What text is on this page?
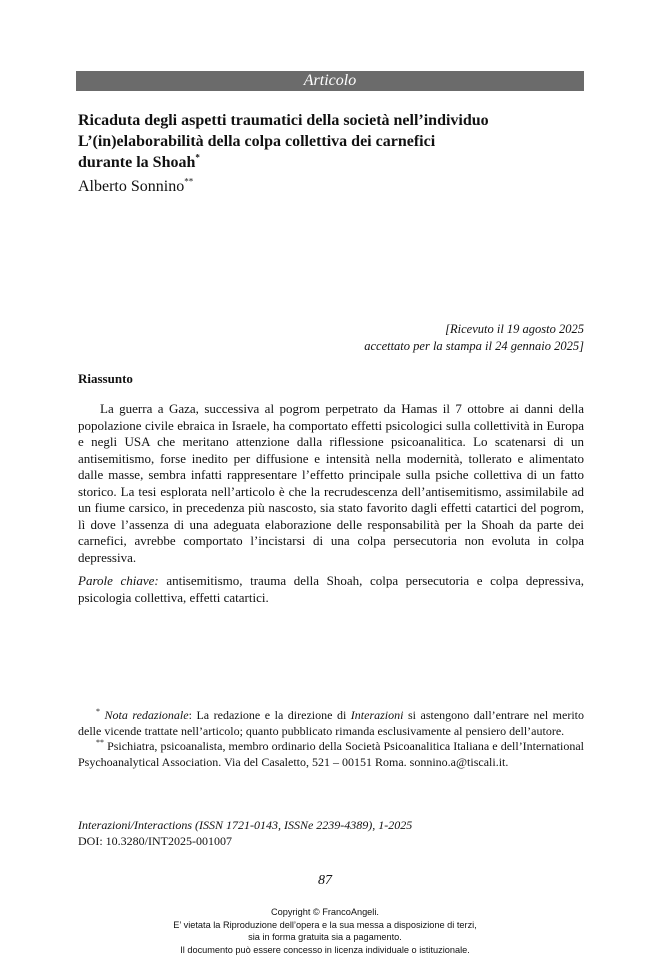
Articolo
Ricaduta degli aspetti traumatici della società nell’individuo
L’(in)elaborabilità della colpa collettiva dei carnefici
durante la Shoah*
Alberto Sonnino**
[Ricevuto il 19 agosto 2025
accettato per la stampa il 24 gennaio 2025]
Riassunto

La guerra a Gaza, successiva al pogrom perpetrato da Hamas il 7 ottobre ai danni della popolazione civile ebraica in Israele, ha comportato effetti psicologici sulla collettività in Europa e negli USA che meritano attenzione dalla riflessione psicoanalitica. Lo scatenarsi di un antisemitismo, forse inedito per diffusione e intensità nella modernità, tollerato e alimentato dalle masse, sembra infatti rappresentare l’effetto principale sulla psiche collettiva di un fatto storico. La tesi esplorata nell’articolo è che la recrudescenza dell’antisemitismo, assimilabile ad un fiume carsico, in precedenza più nascosto, sia stato favorito dagli effetti catartici del pogrom, lì dove l’assenza di una adeguata elaborazione delle responsabilità per la Shoah da parte dei carnefici, avrebbe comportato l’incistarsi di una colpa persecutoria non evoluta in colpa depressiva.

Parole chiave: antisemitismo, trauma della Shoah, colpa persecutoria e colpa depressiva, psicologia collettiva, effetti catartici.

* Nota redazionale: La redazione e la direzione di Interazioni si astengono dall’entrare nel merito delle vicende trattate nell’articolo; quanto pubblicato rimanda esclusivamente al pensiero dell’autore.

** Psichiatra, psicoanalista, membro ordinario della Società Psicoanalitica Italiana e dell’International Psychoanalytical Association. Via del Casaletto, 521 – 00151 Roma. sonnino.a@tiscali.it.

Interazioni/Interactions (ISSN 1721-0143, ISSNe 2239-4389), 1-2025
DOI: 10.3280/INT2025-001007
87
Copyright © FrancoAngeli.
E’ vietata la Riproduzione dell’opera e la sua messa a disposizione di terzi,
sia in forma gratuita sia a pagamento.
Il documento può essere concesso in licenza individuale o istituzionale.
